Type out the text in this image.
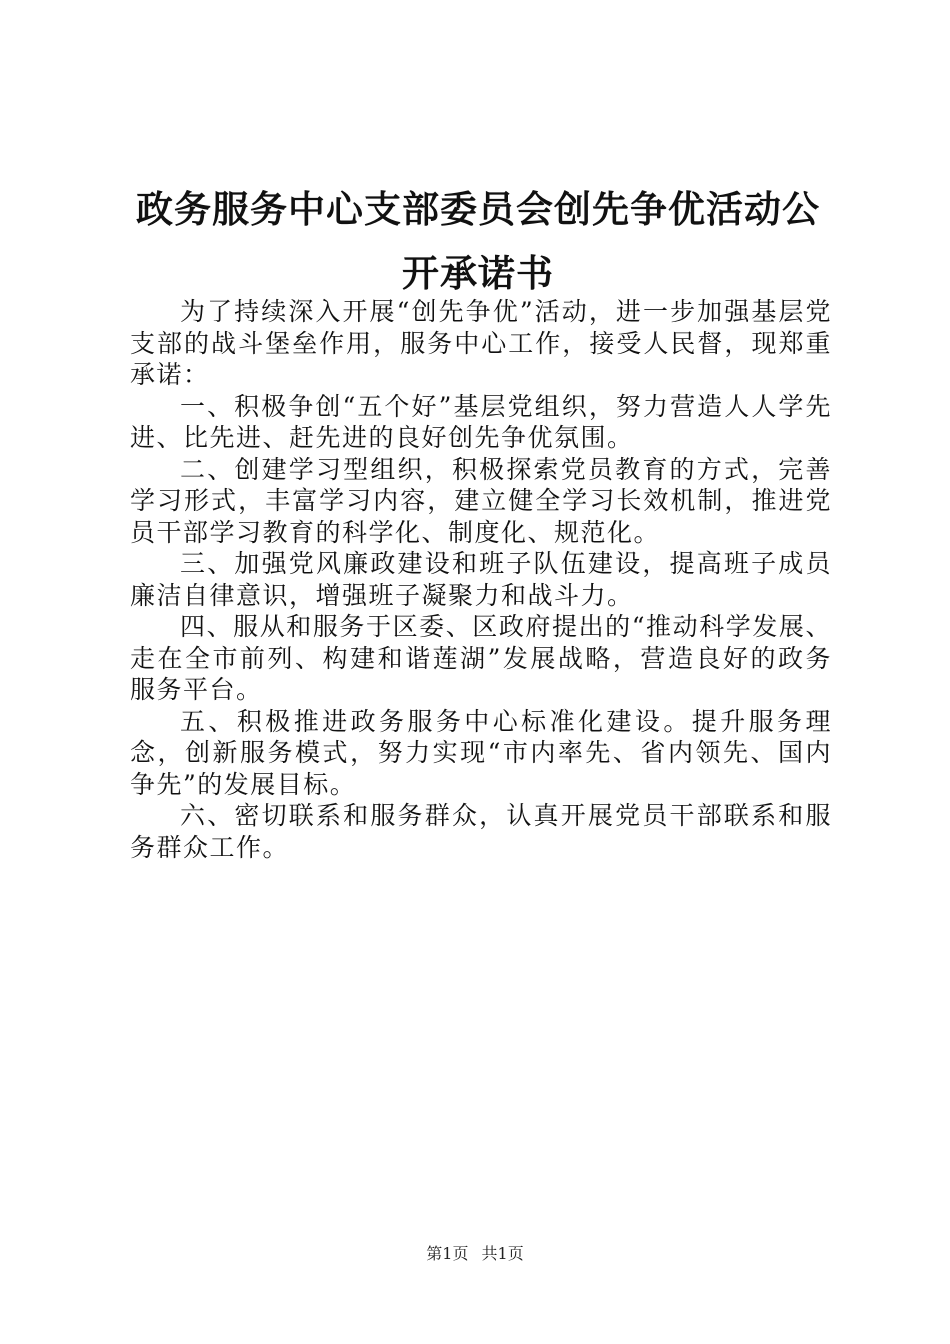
政务服务中心支部委员会创先争优活动公开承诺书

为了持续深入开展“创先争优”活动，进一步加强基层党支部的战斗堡垒作用，服务中心工作，接受人民督，现郑重承诺：

一、积极争创“五个好”基层党组织，努力营造人人学先进、比先进、赶先进的良好创先争优氛围。

二、创建学习型组织，积极探索党员教育的方式，完善学习形式，丰富学习内容，建立健全学习长效机制，推进党员干部学习教育的科学化、制度化、规范化。

三、加强党风廉政建设和班子队伍建设，提高班子成员廉洁自律意识，增强班子凝聚力和战斗力。

四、服从和服务于区委、区政府提出的“推动科学发展、走在全市前列、构建和谐莲湖”发展战略，营造良好的政务服务平台。

五、积极推进政务服务中心标准化建设。提升服务理念，创新服务模式，努力实现“市内率先、省内领先、国内争先”的发展目标。

六、密切联系和服务群众，认真开展党员干部联系和服务群众工作。

第1页 共1页
